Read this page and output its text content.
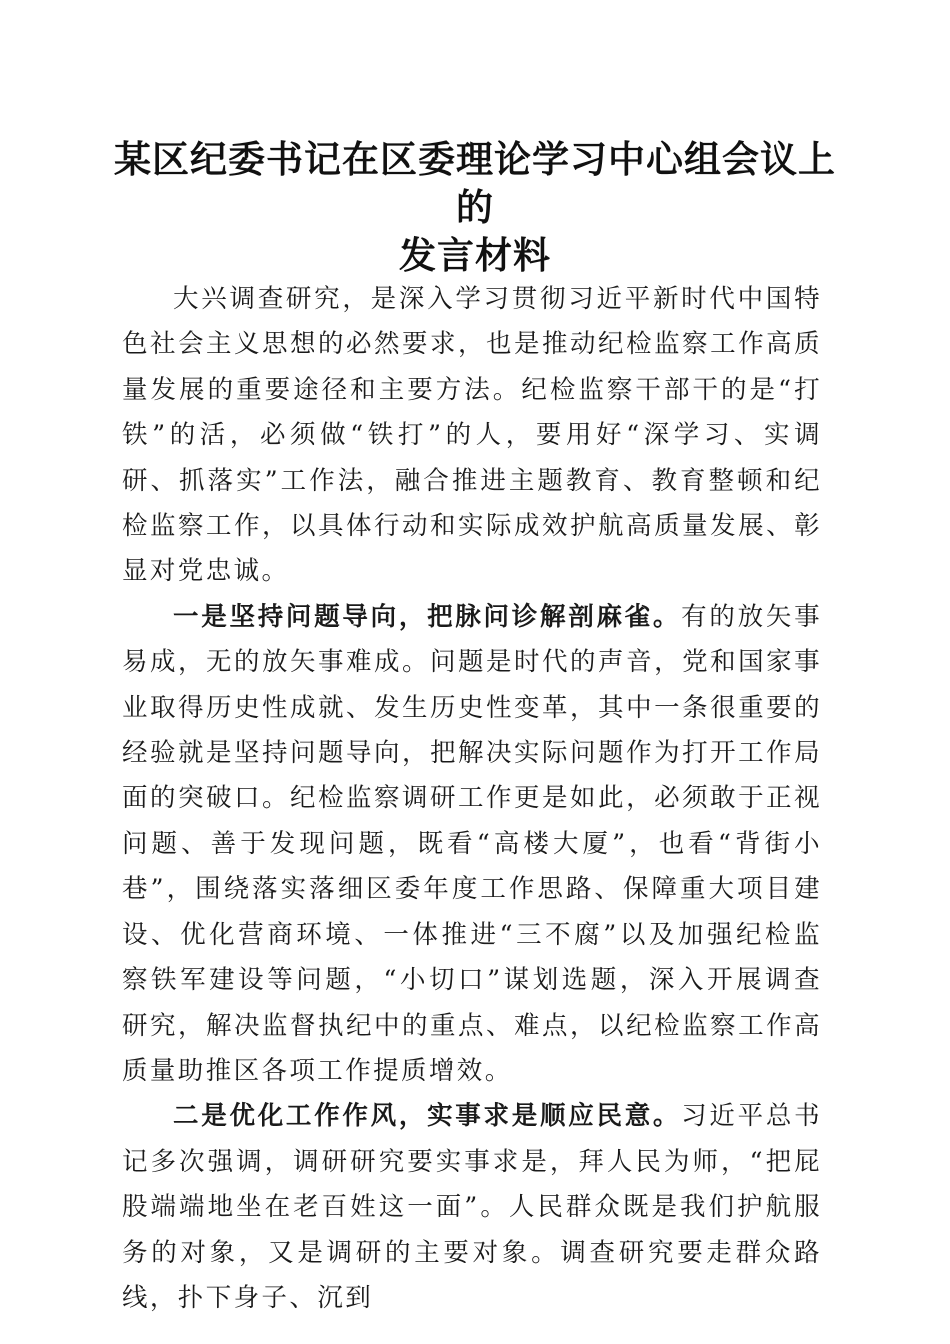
某区纪委书记在区委理论学习中心组会议上的
发言材料

大兴调查研究，是深入学习贯彻习近平新时代中国特色社会主义思想的必然要求，也是推动纪检监察工作高质量发展的重要途径和主要方法。纪检监察干部干的是“打铁”的活，必须做“铁打”的人，要用好“深学习、实调研、抓落实”工作法，融合推进主题教育、教育整顿和纪检监察工作，以具体行动和实际成效护航高质量发展、彰显对党忠诚。

一是坚持问题导向，把脉问诊解剖麻雀。有的放矢事易成，无的放矢事难成。问题是时代的声音，党和国家事业取得历史性成就、发生历史性变革，其中一条很重要的经验就是坚持问题导向，把解决实际问题作为打开工作局面的突破口。纪检监察调研工作更是如此，必须敢于正视问题、善于发现问题，既看“高楼大厦”，也看“背街小巷”，围绕落实落细区委年度工作思路、保障重大项目建设、优化营商环境、一体推进“三不腐”以及加强纪检监察铁军建设等问题，“小切口”谋划选题，深入开展调查研究，解决监督执纪中的重点、难点，以纪检监察工作高质量助推区各项工作提质增效。

二是优化工作作风，实事求是顺应民意。习近平总书记多次强调，调研研究要实事求是，拜人民为师，“把屁股端端地坐在老百姓这一面”。人民群众既是我们护航服务的对象，又是调研的主要对象。调查研究要走群众路线，扑下身子、沉到
